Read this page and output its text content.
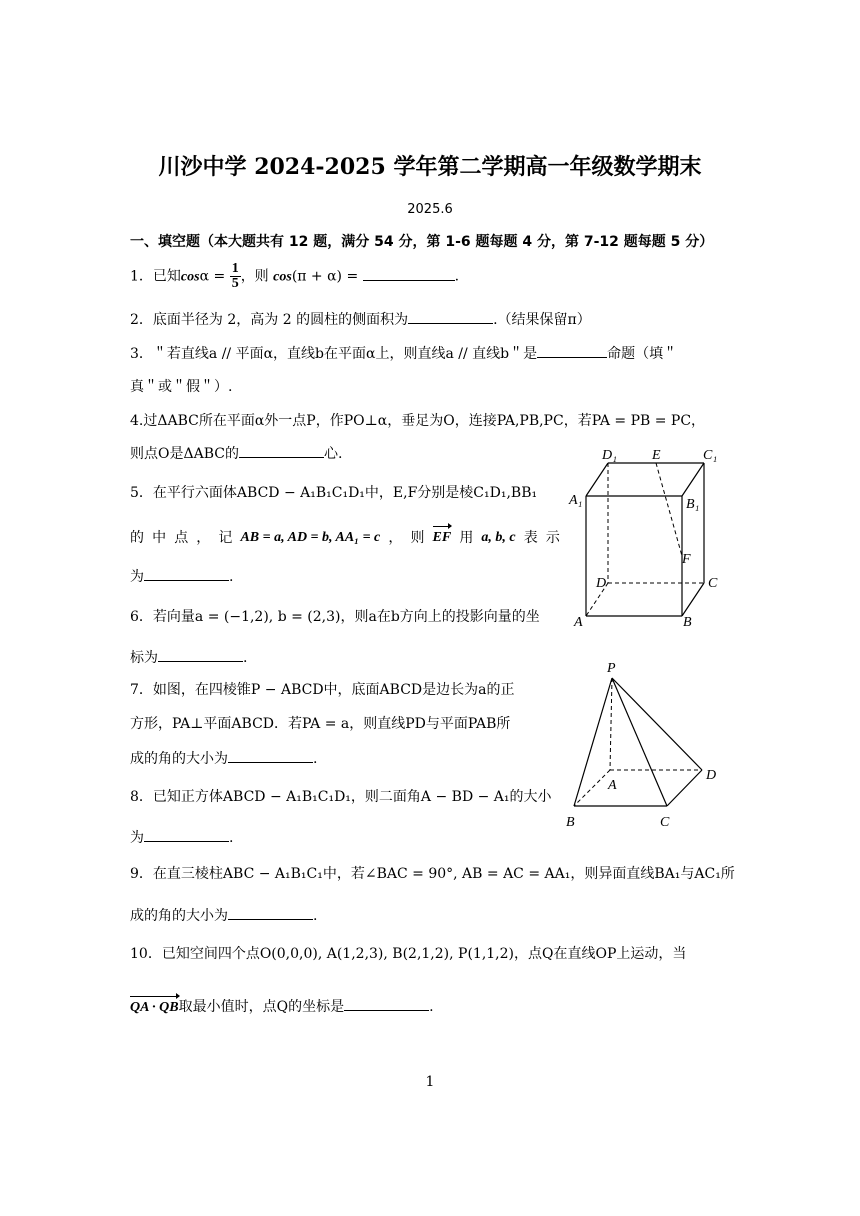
川沙中学 2024-2025 学年第二学期高一年级数学期末
2025.6
一、填空题（本大题共有 12 题，满分 54 分，第 1-6 题每题 4 分，第 7-12 题每题 5 分）
1．已知$\cos\alpha = \frac{1}{5}$ ，则 cos(π + α) =	.
2．底面半径为 2，高为 2 的圆柱的侧面积为	.（结果保留π）
3．＂若直线a // 平面α，直线b在平面α上，则直线a // 直线b＂是	命题（填＂
真＂或＂假＂）.
4.过ΔABC所在平面α外一点P，作PO⊥α，垂足为O，连接PA,PB,PC，若PA = PB = PC，
则点O是ΔABC的	心.
5．在平行六面体ABCD − A₁B₁C₁D₁中，E,F分别是棱C₁D₁,BB₁
的 中 点 ， 记 AB = a, AD = b, AA₁ = c ， 则 EF 用 a, b, c 表 示
为	.
6．若向量a = (−1,2), b = (2,3)，则a在b方向上的投影向量的坐
标为	.
7．如图，在四棱锥P − ABCD中，底面ABCD是边长为a的正
方形，PA⊥平面ABCD．若PA = a，则直线PD与平面PAB所
成的角的大小为	.
8．已知正方体ABCD − A₁B₁C₁D₁，则二面角A − BD − A₁的大小
为	.
9．在直三棱柱ABC − A₁B₁C₁中，若∠BAC = 90°, AB = AC = AA₁，则异面直线BA₁与AC₁所
成的角的大小为	.
10．已知空间四个点O(0,0,0), A(1,2,3), B(2,1,2), P(1,1,2)，点Q在直线OP上运动，当
QA · QB取最小值时，点Q的坐标是	.
D₁	E	C₁
A₁	B₁
F
D	C
A	B
P
A
B	C
D
1
